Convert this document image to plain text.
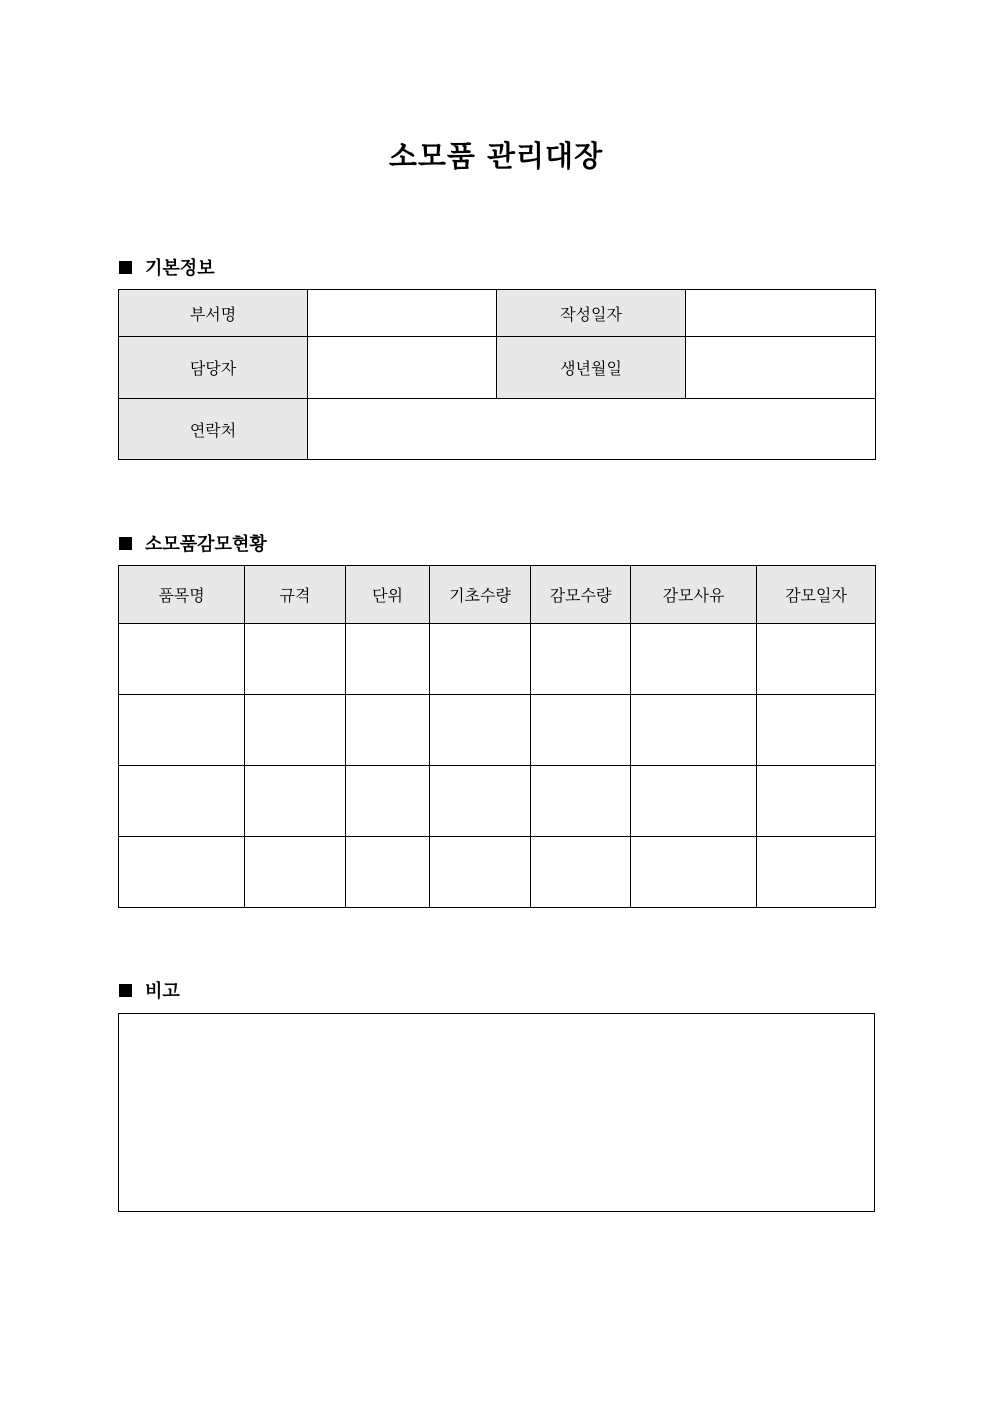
소모품 관리대장
기본정보
부서명		작성일자	
담당자		생년월일	
연락처			
소모품감모현황
품목명	규격	단위	기초수량	감모수량	감모사유	감모일자

비고
